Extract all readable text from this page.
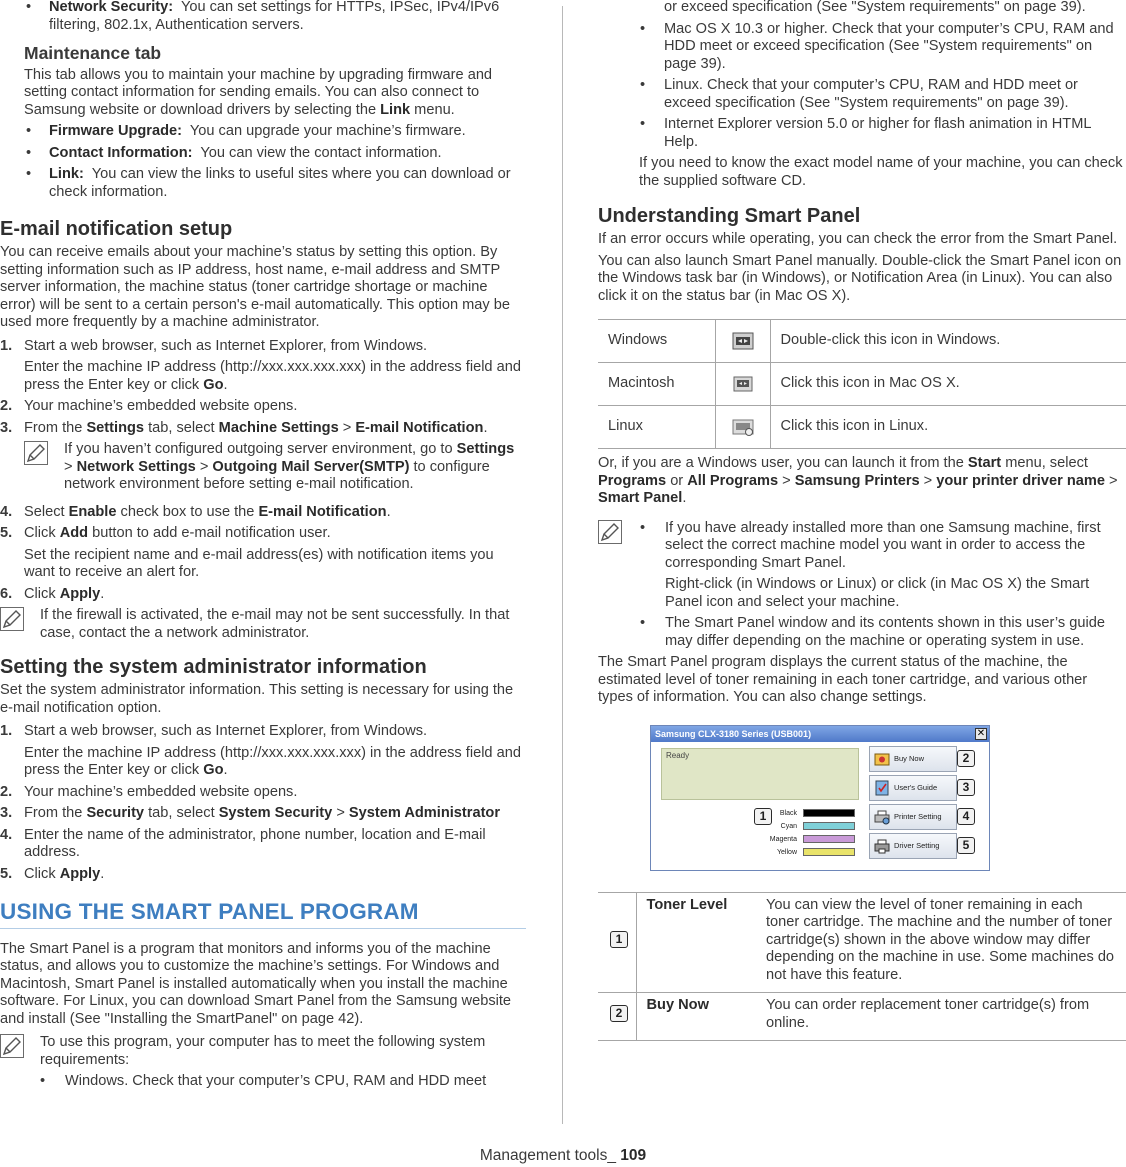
• Network Security: You can set settings for HTTPs, IPSec, IPv4/IPv6 filtering, 802.1x, Authentication servers.
Maintenance tab

This tab allows you to maintain your machine by upgrading firmware and setting contact information for sending emails. You can also connect to Samsung website or download drivers by selecting the Link menu.

• Firmware Upgrade: You can upgrade your machine’s firmware.
• Contact Information: You can view the contact information.
• Link: You can view the links to useful sites where you can download or check information.
E-mail notification setup

You can receive emails about your machine’s status by setting this option. By setting information such as IP address, host name, e-mail address and SMTP server information, the machine status (toner cartridge shortage or machine error) will be sent to a certain person's e-mail automatically. This option may be used more frequently by a machine administrator.

1. Start a web browser, such as Internet Explorer, from Windows.

Enter the machine IP address (http://xxx.xxx.xxx.xxx) in the address field and press the Enter key or click Go.

2. Your machine’s embedded website opens.
3. From the Settings tab, select Machine Settings > E-mail Notification.
If you haven’t configured outgoing server environment, go to Settings > Network Settings > Outgoing Mail Server(SMTP) to configure network environment before setting e-mail notification.
4. Select Enable check box to use the E-mail Notification.
5. Click Add button to add e-mail notification user.

Set the recipient name and e-mail address(es) with notification items you want to receive an alert for.

6. Click Apply.
If the firewall is activated, the e-mail may not be sent successfully. In that case, contact the a network administrator.
Setting the system administrator information

Set the system administrator information. This setting is necessary for using the e-mail notification option.

1. Start a web browser, such as Internet Explorer, from Windows.

Enter the machine IP address (http://xxx.xxx.xxx.xxx) in the address field and press the Enter key or click Go.

2. Your machine’s embedded website opens.
3. From the Security tab, select System Security > System Administrator
4. Enter the name of the administrator, phone number, location and E-mail address.
5. Click Apply.
USING THE SMART PANEL PROGRAM

The Smart Panel is a program that monitors and informs you of the machine status, and allows you to customize the machine’s settings. For Windows and Macintosh, Smart Panel is installed automatically when you install the machine software. For Linux, you can download Smart Panel from the Samsung website and install (See "Installing the SmartPanel" on page 42).

To use this program, your computer has to meet the following system requirements:

• Windows. Check that your computer’s CPU, RAM and HDD meet

or exceed specification (See "System requirements" on page 39).

• Mac OS X 10.3 or higher. Check that your computer’s CPU, RAM and HDD meet or exceed specification (See "System requirements" on page 39).
• Linux. Check that your computer’s CPU, RAM and HDD meet or exceed specification (See "System requirements" on page 39).
• Internet Explorer version 5.0 or higher for flash animation in HTML Help.

If you need to know the exact model name of your machine, you can check the supplied software CD.

Understanding Smart Panel

If an error occurs while operating, you can check the error from the Smart Panel.

You can also launch Smart Panel manually. Double-click the Smart Panel icon on the Windows task bar (in Windows), or Notification Area (in Linux). You can also click it on the status bar (in Mac OS X).

Windows		Double-click this icon in Windows.
Macintosh		Click this icon in Mac OS X.
Linux		Click this icon in Linux.

Or, if you are a Windows user, you can launch it from the Start menu, select Programs or All Programs > Samsung Printers > your printer driver name > Smart Panel.

• If you have already installed more than one Samsung machine, first select the correct machine model you want in order to access the corresponding Smart Panel.

Right-click (in Windows or Linux) or click (in Mac OS X) the Smart Panel icon and select your machine.

• The Smart Panel window and its contents shown in this user’s guide may differ depending on the machine or operating system in use.

The Smart Panel program displays the current status of the machine, the estimated level of toner remaining in each toner cartridge, and various other types of information. You can also change settings.

Samsung CLX-3180 Series (USB001)	✕
Ready
Black
Cyan
Magenta
Yellow
1
Buy Now
User's Guide
Printer Setting
Driver Setting
2
3
4
5
1	Toner Level	You can view the level of toner remaining in each toner cartridge. The machine and the number of toner cartridge(s) shown in the above window may differ depending on the machine in use. Some machines do not have this feature.

2	Buy Now	You can order replacement toner cartridge(s) from online.
Management tools_ 109
